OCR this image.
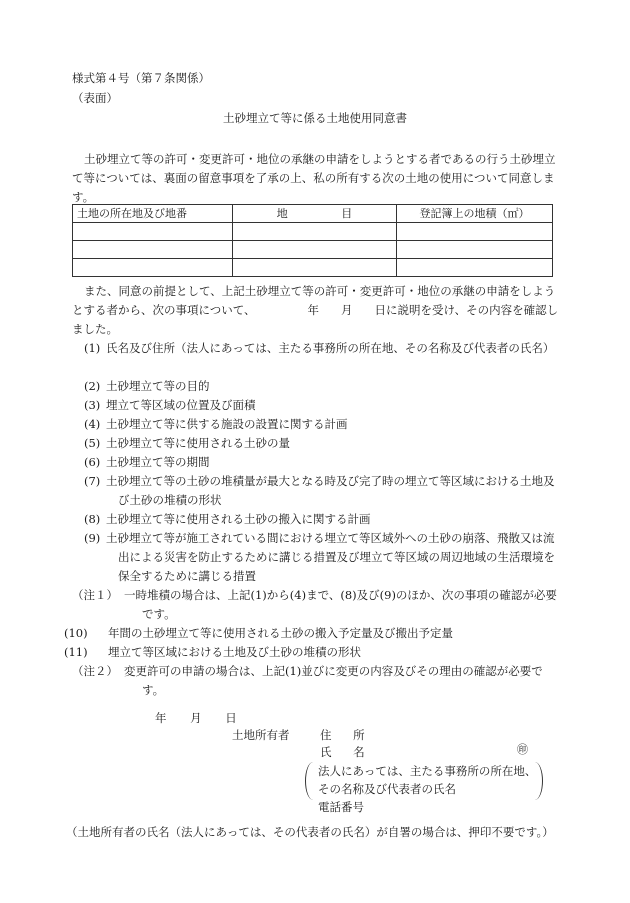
様式第４号（第７条関係）
（表面）
土砂埋立て等に係る土地使用同意書
土砂埋立て等の許可・変更許可・地位の承継の申請をしようとする者であるの行う土砂埋立て等については、裏面の留意事項を了承の上、私の所有する次の土地の使用について同意します。
土地の所在地及び地番	地 目	登記簿上の地積（㎡）

また、同意の前提として、上記土砂埋立て等の許可・変更許可・地位の承継の申請をしようとする者から、次の事項について、	年 月 日に説明を受け、その内容を確認しました。
(1) 氏名及び住所（法人にあっては、主たる事務所の所在地、その名称及び代表者の氏名）
(2) 土砂埋立て等の目的
(3) 埋立て等区域の位置及び面積
(4) 土砂埋立て等に供する施設の設置に関する計画
(5) 土砂埋立て等に使用される土砂の量
(6) 土砂埋立て等の期間
(7) 土砂埋立て等の土砂の堆積量が最大となる時及び完了時の埋立て等区域における土地及び土砂の堆積の形状
(8) 土砂埋立て等に使用される土砂の搬入に関する計画
(9) 土砂埋立て等が施工されている間における埋立て等区域外への土砂の崩落、飛散又は流出による災害を防止するために講じる措置及び埋立て等区域の周辺地域の生活環境を保全するために講じる措置
（注１） 一時堆積の場合は、上記(1)から(4)まで、(8)及び(9)のほか、次の事項の確認が必要です。
(10)	年間の土砂埋立て等に使用される土砂の搬入予定量及び搬出予定量
(11)	埋立て等区域における土地及び土砂の堆積の形状
（注２） 変更許可の申請の場合は、上記(1)並びに変更の内容及びその理由の確認が必要です。
年 月 日
土地所有者	住 所
氏 名	㊞
法人にあっては、主たる事務所の所在地、
その名称及び代表者の氏名
電話番号
（土地所有者の氏名（法人にあっては、その代表者の氏名）が自署の場合は、押印不要です。）
